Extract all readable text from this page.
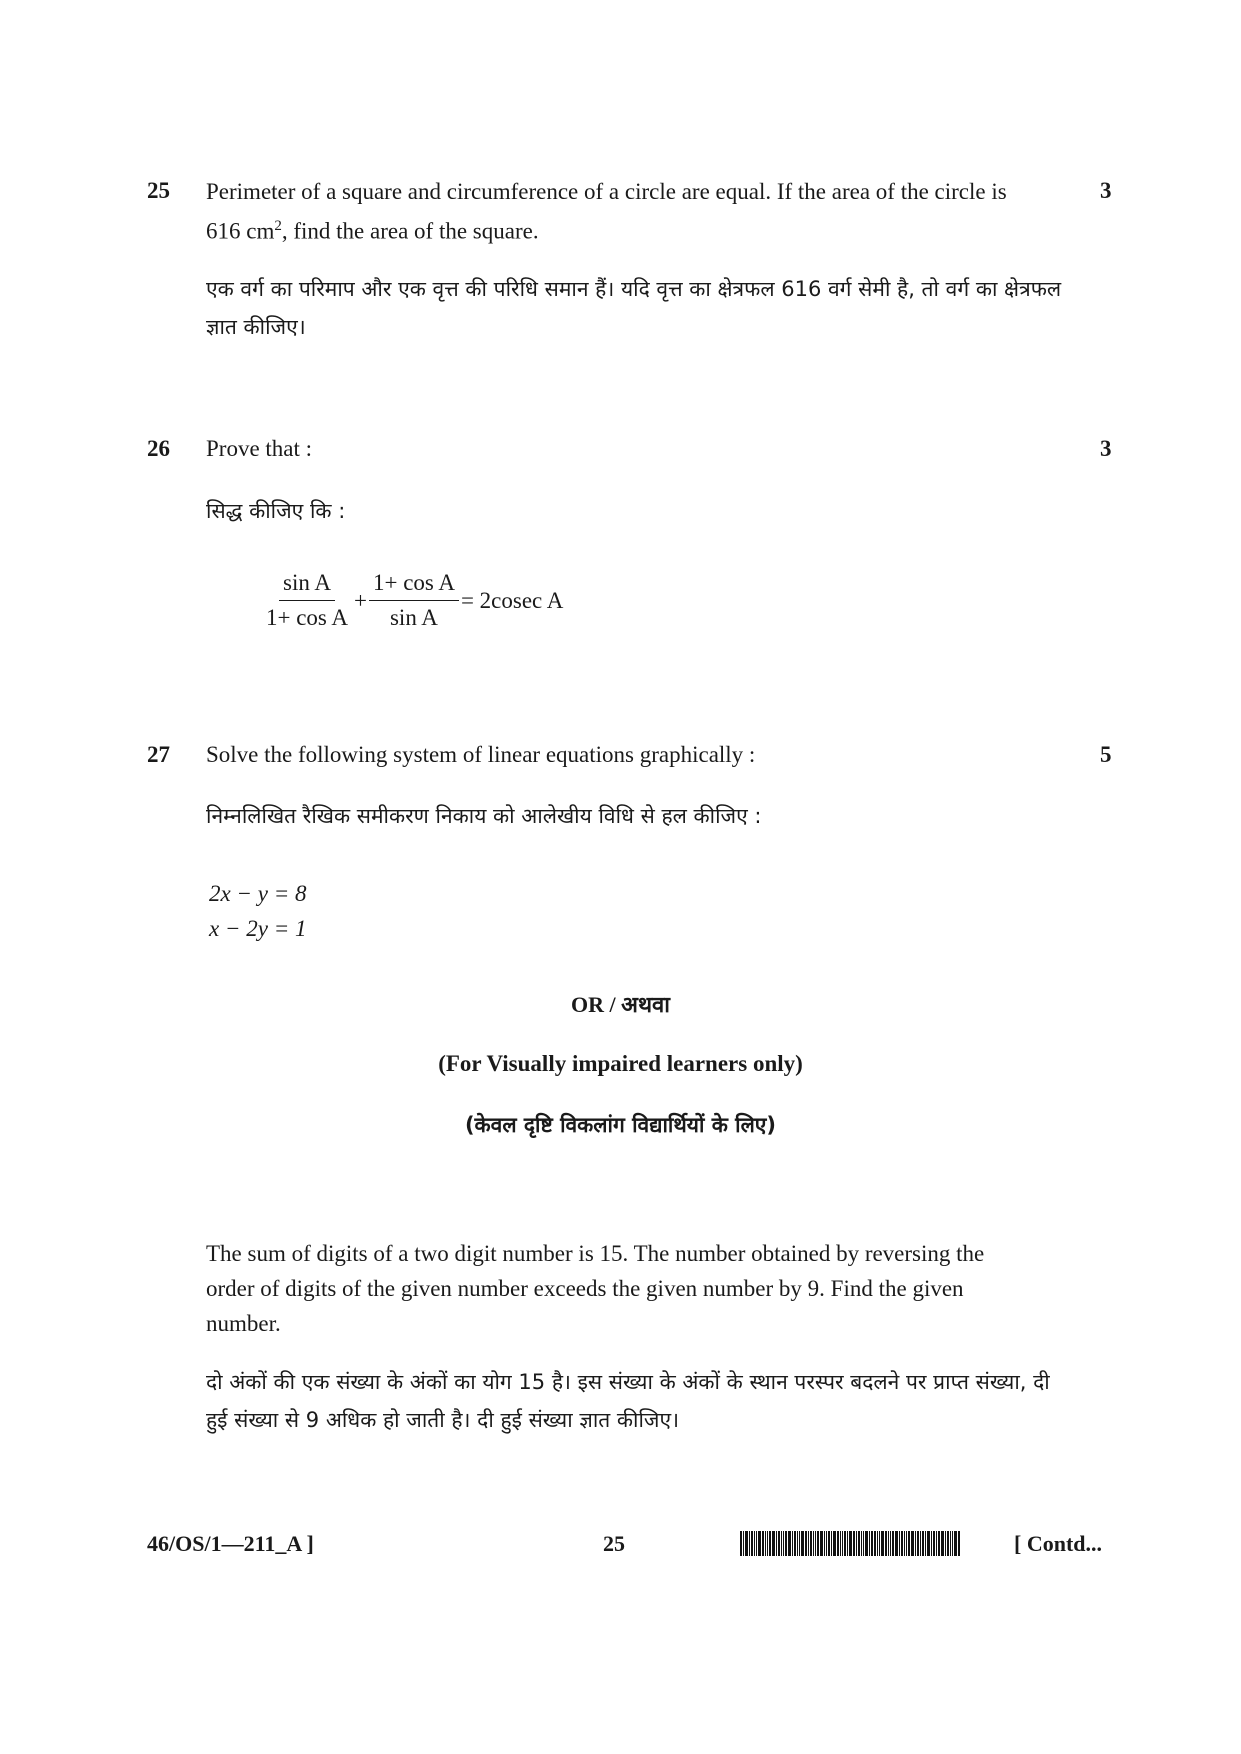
25	3
Perimeter of a square and circumference of a circle are equal. If the area of the circle is 616 $cm^2$, find the area of the square.
एक वर्ग का परिमाप और एक वृत्त की परिधि समान हैं। यदि वृत्त का क्षेत्रफल 616 वर्ग सेमी है, तो वर्ग का क्षेत्रफल ज्ञात कीजिए।
26	3
Prove that :
सिद्ध कीजिए कि :
$\frac{\text{sin A}}{\text{1+ cos A}} + \frac{\text{1+ cos A}}{\text{sin A}} = 2cosec$ A
27	5
Solve the following system of linear equations graphically :
निम्नलिखित रैखिक समीकरण निकाय को आलेखीय विधि से हल कीजिए :
2x − y = 8
x − 2y = 1
OR / अथवा
(For Visually impaired learners only)
(केवल दृष्टि विकलांग विद्यार्थियों के लिए)
The sum of digits of a two digit number is 15. The number obtained by reversing the order of digits of the given number exceeds the given number by 9. Find the given number.
दो अंकों की एक संख्या के अंकों का योग 15 है। इस संख्या के अंकों के स्थान परस्पर बदलने पर प्राप्त संख्या, दी हुई संख्या से 9 अधिक हो जाती है। दी हुई संख्या ज्ञात कीजिए।
46/OS/1—211_A ]	25	[ Contd...
